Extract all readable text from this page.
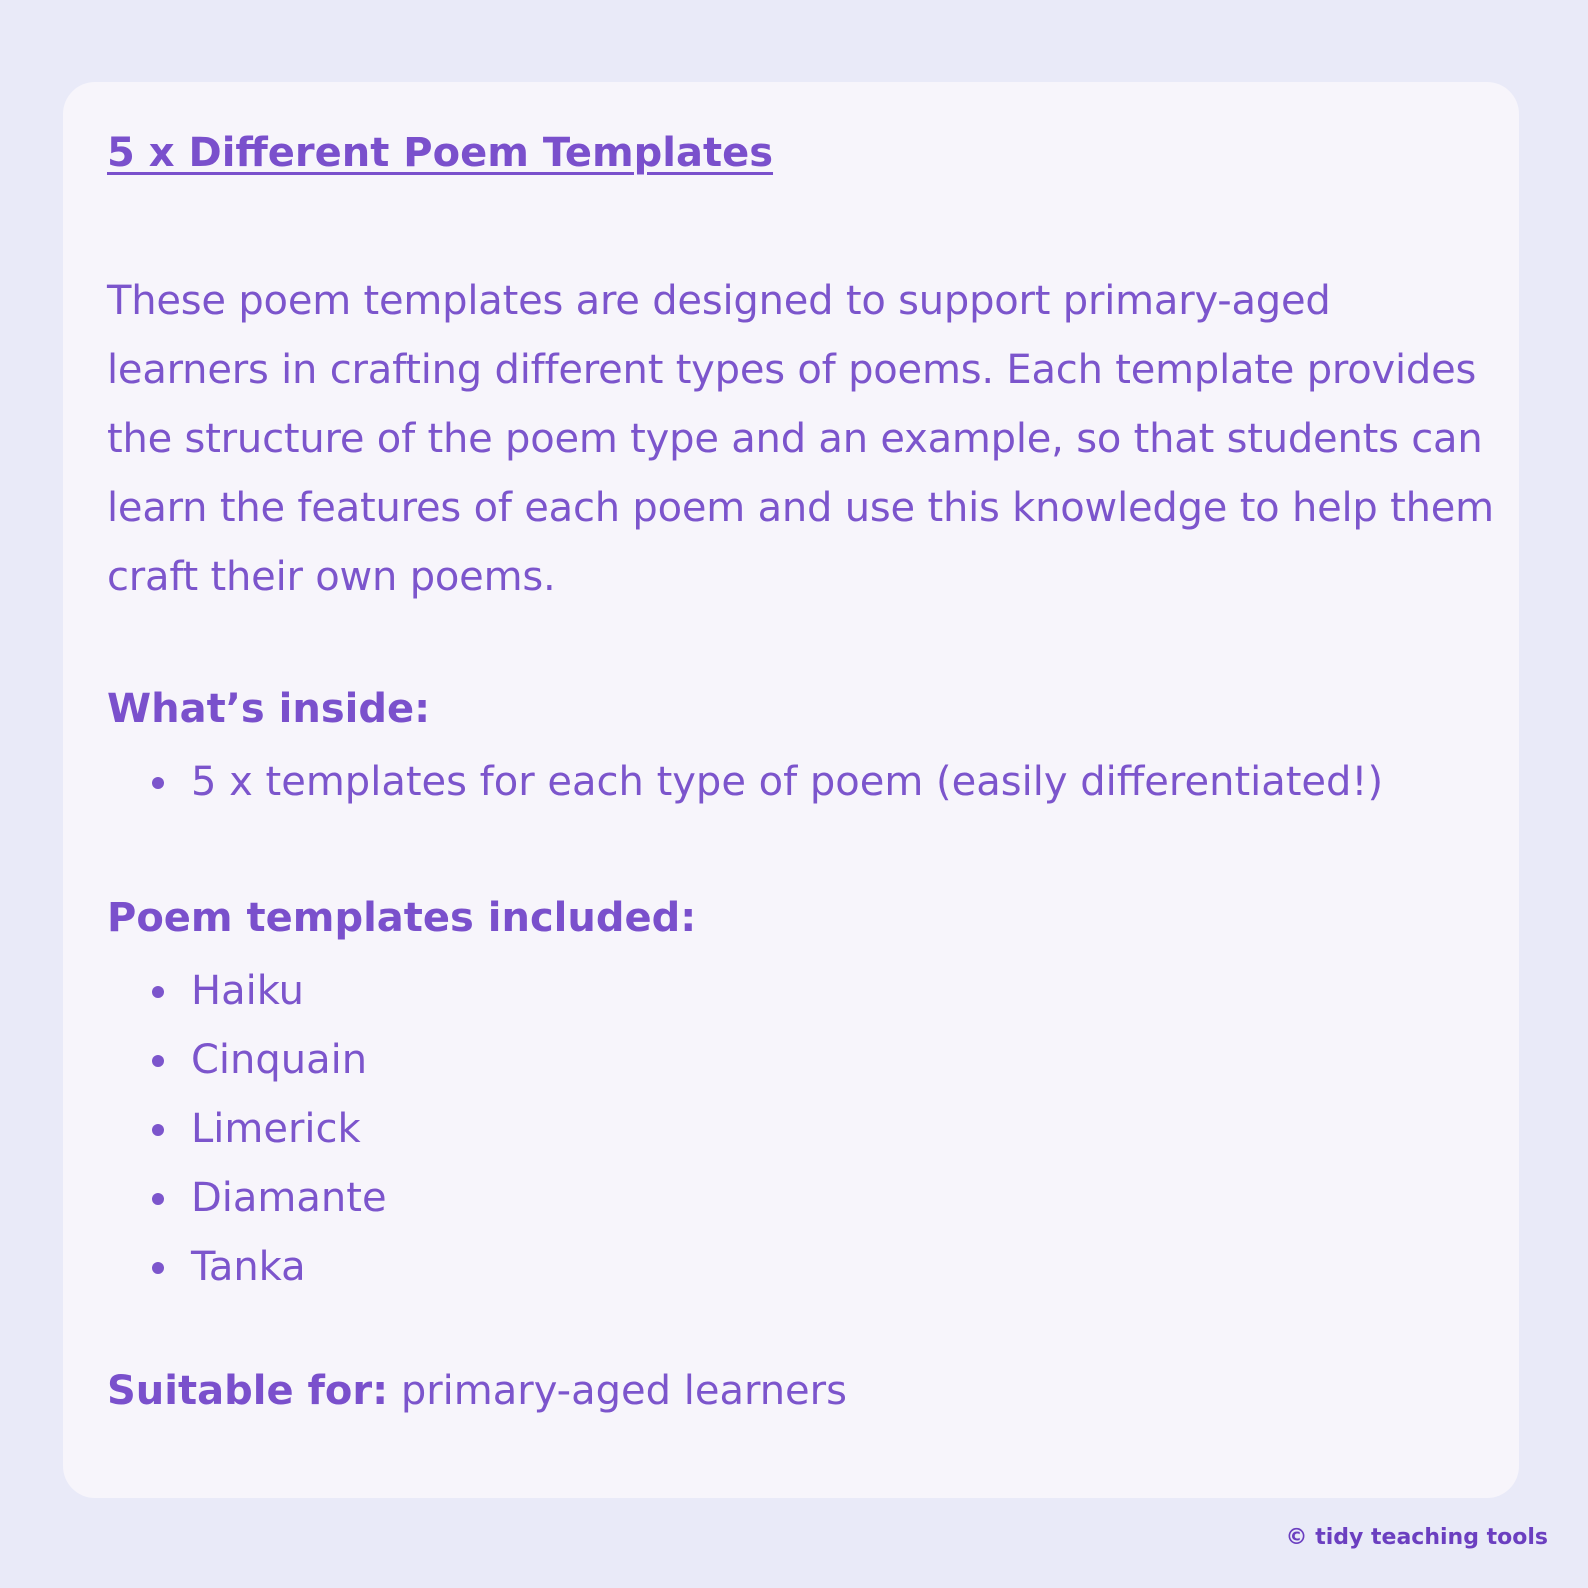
5 x Different Poem Templates

These poem templates are designed to support primary-aged learners in crafting different types of poems. Each template provides the structure of the poem type and an example, so that students can learn the features of each poem and use this knowledge to help them craft their own poems.

What’s inside:
5 x templates for each type of poem (easily differentiated!)
Poem templates included:
Haiku
Cinquain
Limerick
Diamante
Tanka

Suitable for: primary-aged learners

© tidy teaching tools
